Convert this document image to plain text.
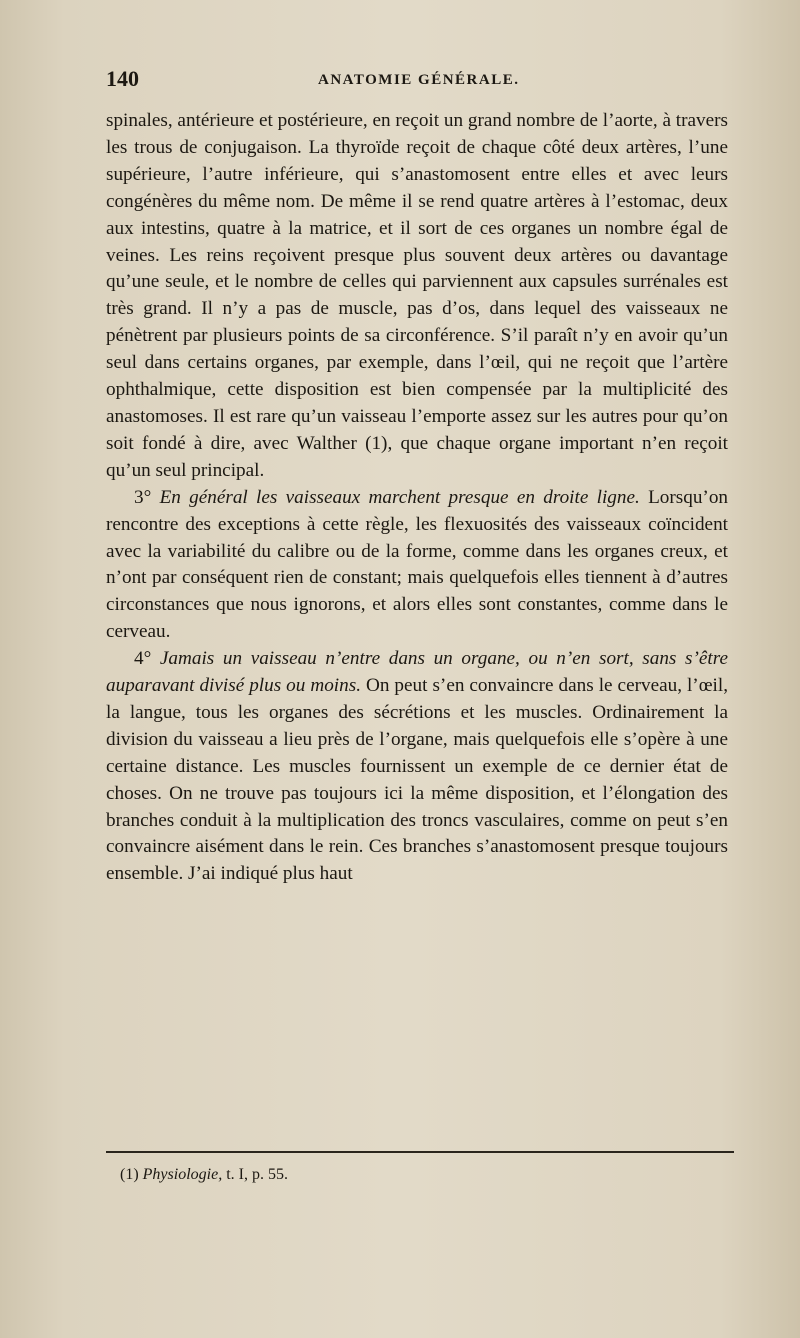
140	ANATOMIE GÉNÉRALE.

spinales, antérieure et postérieure, en reçoit un grand nombre de l’aorte, à travers les trous de conjugaison. La thyroïde reçoit de chaque côté deux artères, l’une supérieure, l’autre inférieure, qui s’anastomosent entre elles et avec leurs congénères du même nom. De même il se rend quatre artères à l’estomac, deux aux intestins, quatre à la matrice, et il sort de ces organes un nombre égal de veines. Les reins reçoivent presque plus souvent deux artères ou davantage qu’une seule, et le nombre de celles qui parviennent aux capsules surrénales est très grand. Il n’y a pas de muscle, pas d’os, dans lequel des vaisseaux ne pénètrent par plusieurs points de sa circonférence. S’il paraît n’y en avoir qu’un seul dans certains organes, par exemple, dans l’œil, qui ne reçoit que l’artère ophthalmique, cette disposition est bien compensée par la multiplicité des anastomoses. Il est rare qu’un vaisseau l’emporte assez sur les autres pour qu’on soit fondé à dire, avec Walther (1), que chaque organe important n’en reçoit qu’un seul principal.

3° En général les vaisseaux marchent presque en droite ligne. Lorsqu’on rencontre des exceptions à cette règle, les flexuosités des vaisseaux coïncident avec la variabilité du calibre ou de la forme, comme dans les organes creux, et n’ont par conséquent rien de constant; mais quelquefois elles tiennent à d’autres circonstances que nous ignorons, et alors elles sont constantes, comme dans le cerveau.

4° Jamais un vaisseau n’entre dans un organe, ou n’en sort, sans s’être auparavant divisé plus ou moins. On peut s’en convaincre dans le cerveau, l’œil, la langue, tous les organes des sécrétions et les muscles. Ordinairement la division du vaisseau a lieu près de l’organe, mais quelquefois elle s’opère à une certaine distance. Les muscles fournissent un exemple de ce dernier état de choses. On ne trouve pas toujours ici la même disposition, et l’élongation des branches conduit à la multiplication des troncs vasculaires, comme on peut s’en convaincre aisément dans le rein. Ces branches s’anastomosent presque toujours ensemble. J’ai indiqué plus haut

(1) Physiologie, t. I, p. 55.
